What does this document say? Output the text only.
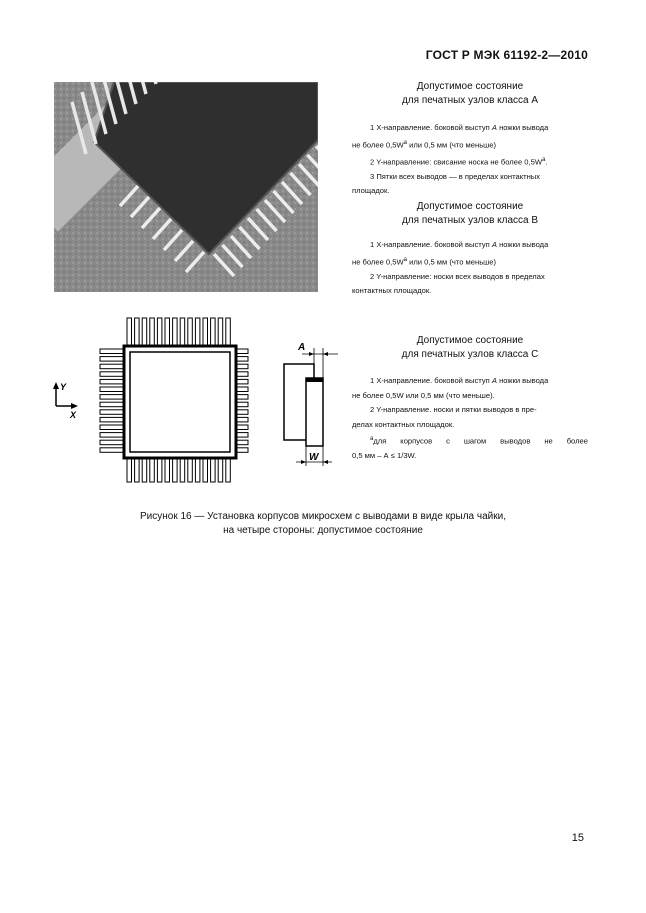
ГОСТ Р МЭК 61192-2—2010
Допустимое состояние
для печатных узлов класса А

1 Х-направление. боковой выступ А ножки вывода

не более $0,5W^a$ или 0,5 мм (что меньше)

2 Y-направление: свисание носка не более $0,5W^a$.

3 Пятки всех выводов — в пределах контактных

площадок.

Допустимое состояние
для печатных узлов класса В

1 Х-направление. боковой выступ А ножки вывода

не более $0,5W^a$ или 0,5 мм (что меньше)

2 Y-направление: носки всех выводов в пределах

контактных площадок.

Допустимое состояние
для печатных узлов класса С

1 Х-направление. боковой выступ А ножки вывода

не более 0,5W или 0,5 мм (что меньше).

2 Y-направление. носки и пятки выводов в пре-

делах контактных площадок.

$^a$для корпусов с шагом выводов не более

0,5 мм – А ≤ 1/3W.

Y
X
A
W
Рисунок 16 — Установка корпусов микросхем с выводами в виде крыла чайки,
на четыре стороны: допустимое состояние
15
